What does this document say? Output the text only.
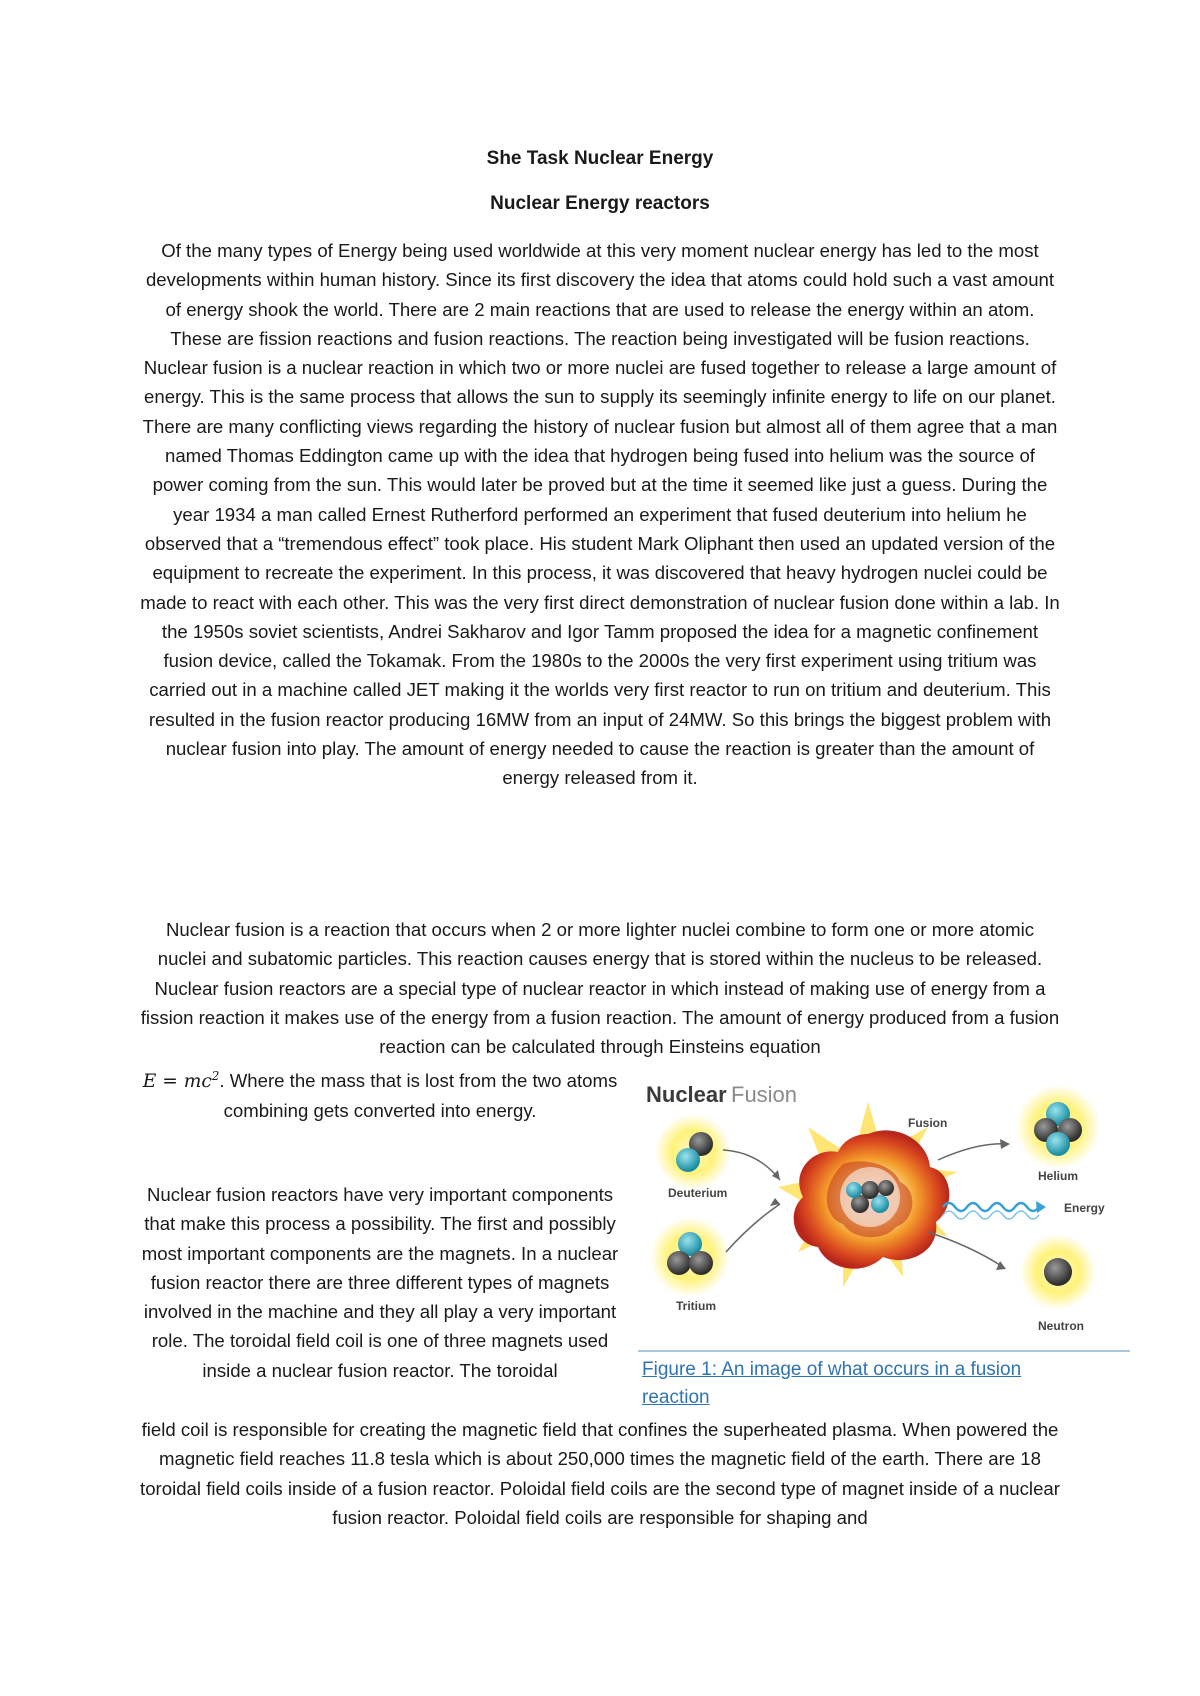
She Task Nuclear Energy
Nuclear Energy reactors

Of the many types of Energy being used worldwide at this very moment nuclear energy has led to the most developments within human history. Since its first discovery the idea that atoms could hold such a vast amount of energy shook the world. There are 2 main reactions that are used to release the energy within an atom. These are fission reactions and fusion reactions. The reaction being investigated will be fusion reactions. Nuclear fusion is a nuclear reaction in which two or more nuclei are fused together to release a large amount of energy. This is the same process that allows the sun to supply its seemingly infinite energy to life on our planet. There are many conflicting views regarding the history of nuclear fusion but almost all of them agree that a man named Thomas Eddington came up with the idea that hydrogen being fused into helium was the source of power coming from the sun. This would later be proved but at the time it seemed like just a guess. During the year 1934 a man called Ernest Rutherford performed an experiment that fused deuterium into helium he observed that a “tremendous effect” took place. His student Mark Oliphant then used an updated version of the equipment to recreate the experiment. In this process, it was discovered that heavy hydrogen nuclei could be made to react with each other. This was the very first direct demonstration of nuclear fusion done within a lab. In the 1950s soviet scientists, Andrei Sakharov and Igor Tamm proposed the idea for a magnetic confinement fusion device, called the Tokamak. From the 1980s to the 2000s the very first experiment using tritium was carried out in a machine called JET making it the worlds very first reactor to run on tritium and deuterium. This resulted in the fusion reactor producing 16MW from an input of 24MW. So this brings the biggest problem with nuclear fusion into play. The amount of energy needed to cause the reaction is greater than the amount of energy released from it.

Nuclear fusion is a reaction that occurs when 2 or more lighter nuclei combine to form one or more atomic nuclei and subatomic particles. This reaction causes energy that is stored within the nucleus to be released. Nuclear fusion reactors are a special type of nuclear reactor in which instead of making use of energy from a fission reaction it makes use of the energy from a fusion reaction. The amount of energy produced from a fusion reaction can be calculated through Einsteins equation

$E = mc^2$. Where the mass that is lost from the two atoms combining gets converted into energy.

Nuclear fusion reactors have very important components that make this process a possibility. The first and possibly most important components are the magnets. In a nuclear fusion reactor there are three different types of magnets involved in the machine and they all play a very important role. The toroidal field coil is one of three magnets used inside a nuclear fusion reactor. The toroidal

field coil is responsible for creating the magnetic field that confines the superheated plasma. When powered the magnetic field reaches 11.8 tesla which is about 250,000 times the magnetic field of the earth. There are 18 toroidal field coils inside of a fusion reactor. Poloidal field coils are the second type of magnet inside of a nuclear fusion reactor. Poloidal field coils are responsible for shaping and

Nuclear Fusion
Deuterium
Tritium
Fusion
Helium
Energy
Neutron
Figure 1: An image of what occurs in a fusion reaction
